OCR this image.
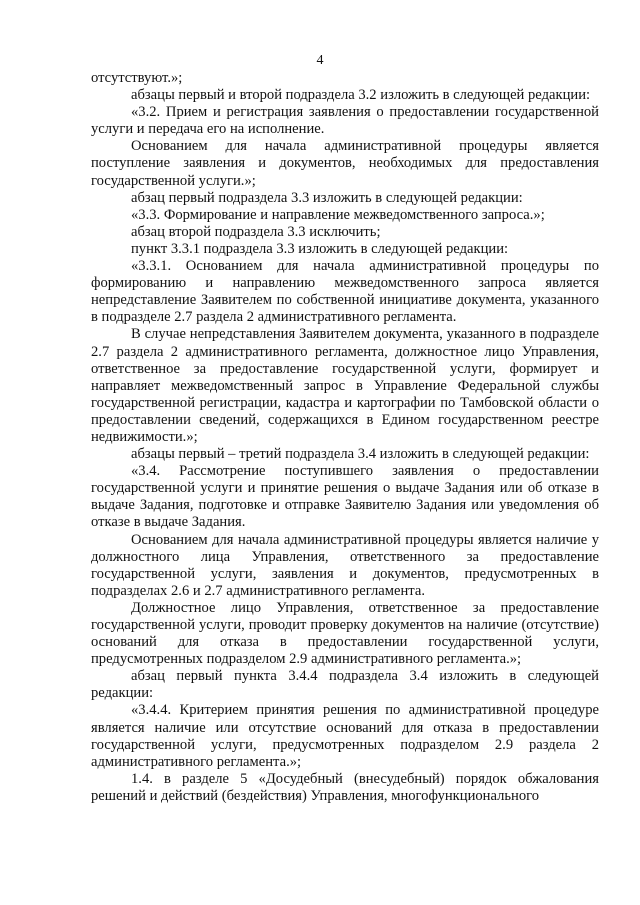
4

отсутствуют.»;

абзацы первый и второй подраздела 3.2 изложить в следующей редакции:

«3.2. Прием и регистрация заявления о предоставлении государственной услуги и передача его на исполнение.

Основанием для начала административной процедуры является поступление заявления и документов, необходимых для предоставления государственной услуги.»;

абзац первый подраздела 3.3 изложить в следующей редакции:

«3.3. Формирование и направление межведомственного запроса.»;

абзац второй подраздела 3.3 исключить;

пункт 3.3.1 подраздела 3.3 изложить в следующей редакции:

«3.3.1. Основанием для начала административной процедуры по формированию и направлению межведомственного запроса является непредставление Заявителем по собственной инициативе документа, указанного в подразделе 2.7 раздела 2 административного регламента.

В случае непредставления Заявителем документа, указанного в подразделе 2.7 раздела 2 административного регламента, должностное лицо Управления, ответственное за предоставление государственной услуги, формирует и направляет межведомственный запрос в Управление Федеральной службы государственной регистрации, кадастра и картографии по Тамбовской области о предоставлении сведений, содержащихся в Едином государственном реестре недвижимости.»;

абзацы первый – третий подраздела 3.4 изложить в следующей редакции:

«3.4. Рассмотрение поступившего заявления о предоставлении государственной услуги и принятие решения о выдаче Задания или об отказе в выдаче Задания, подготовке и отправке Заявителю Задания или уведомления об отказе в выдаче Задания.

Основанием для начала административной процедуры является наличие у должностного лица Управления, ответственного за предоставление государственной услуги, заявления и документов, предусмотренных в подразделах 2.6 и 2.7 административного регламента.

Должностное лицо Управления, ответственное за предоставление государственной услуги, проводит проверку документов на наличие (отсутствие) оснований для отказа в предоставлении государственной услуги, предусмотренных подразделом 2.9 административного регламента.»;

абзац первый пункта 3.4.4 подраздела 3.4 изложить в следующей редакции:

«3.4.4. Критерием принятия решения по административной процедуре является наличие или отсутствие оснований для отказа в предоставлении государственной услуги, предусмотренных подразделом 2.9 раздела 2 административного регламента.»;

1.4. в разделе 5 «Досудебный (внесудебный) порядок обжалования решений и действий (бездействия) Управления, многофункционального
